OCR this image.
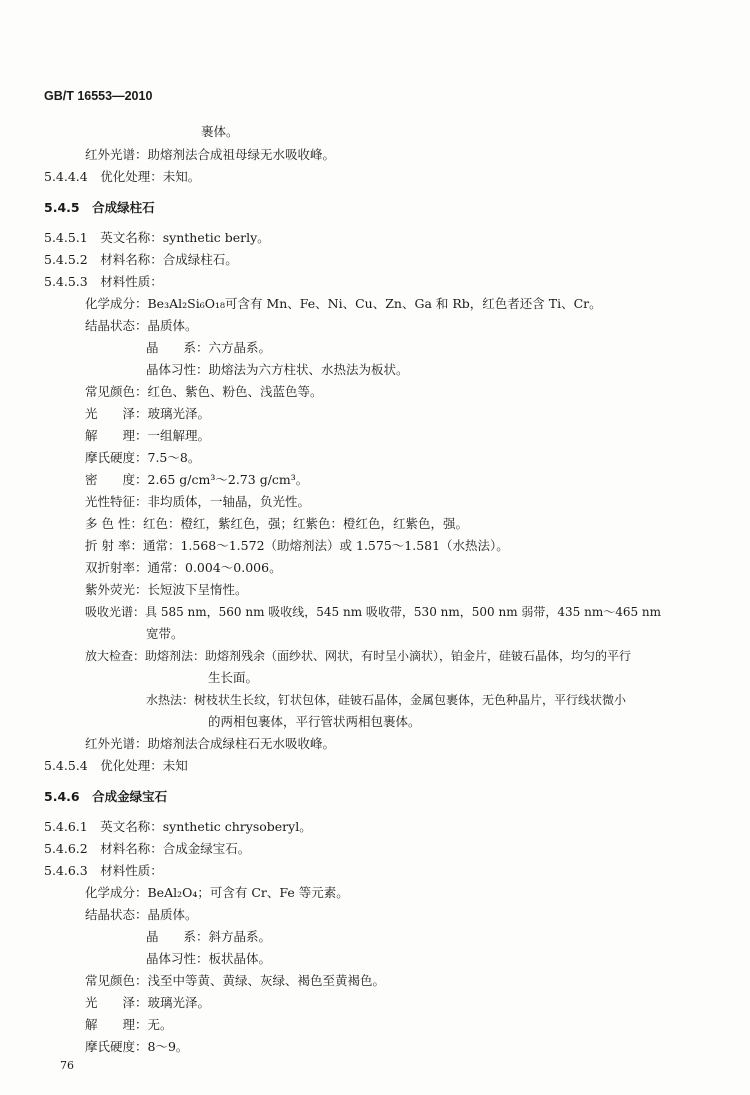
GB/T 16553—2010
裹体。
红外光谱：助熔剂法合成祖母绿无水吸收峰。
5.4.4.4　优化处理：未知。
5.4.5　合成绿柱石
5.4.5.1　英文名称：synthetic berly。
5.4.5.2　材料名称：合成绿柱石。
5.4.5.3　材料性质：
化学成分：Be₃Al₂Si₆O₁₈可含有 Mn、Fe、Ni、Cu、Zn、Ga 和 Rb，红色者还含 Ti、Cr。
结晶状态：晶质体。
晶　　系：六方晶系。
晶体习性：助熔法为六方柱状、水热法为板状。
常见颜色：红色、紫色、粉色、浅蓝色等。
光　　泽：玻璃光泽。
解　　理：一组解理。
摩氏硬度：7.5～8。
密　　度：2.65 g/cm³～2.73 g/cm³。
光性特征：非均质体，一轴晶，负光性。
多 色 性：红色：橙红，紫红色，强；红紫色：橙红色，红紫色，强。
折 射 率：通常：1.568～1.572（助熔剂法）或 1.575～1.581（水热法）。
双折射率：通常：0.004～0.006。
紫外荧光：长短波下呈惰性。
吸收光谱：具 585 nm，560 nm 吸收线，545 nm 吸收带，530 nm，500 nm 弱带，435 nm～465 nm
宽带。
放大检查：助熔剂法：助熔剂残余（面纱状、网状，有时呈小滴状），铂金片，硅铍石晶体，均匀的平行
生长面。
水热法：树枝状生长纹，钉状包体，硅铍石晶体，金属包裹体，无色种晶片，平行线状微小
的两相包裹体，平行管状两相包裹体。
红外光谱：助熔剂法合成绿柱石无水吸收峰。
5.4.5.4　优化处理：未知
5.4.6　合成金绿宝石
5.4.6.1　英文名称：synthetic chrysoberyl。
5.4.6.2　材料名称：合成金绿宝石。
5.4.6.3　材料性质：
化学成分：BeAl₂O₄；可含有 Cr、Fe 等元素。
结晶状态：晶质体。
晶　　系：斜方晶系。
晶体习性：板状晶体。
常见颜色：浅至中等黄、黄绿、灰绿、褐色至黄褐色。
光　　泽：玻璃光泽。
解　　理：无。
摩氏硬度：8～9。
76
